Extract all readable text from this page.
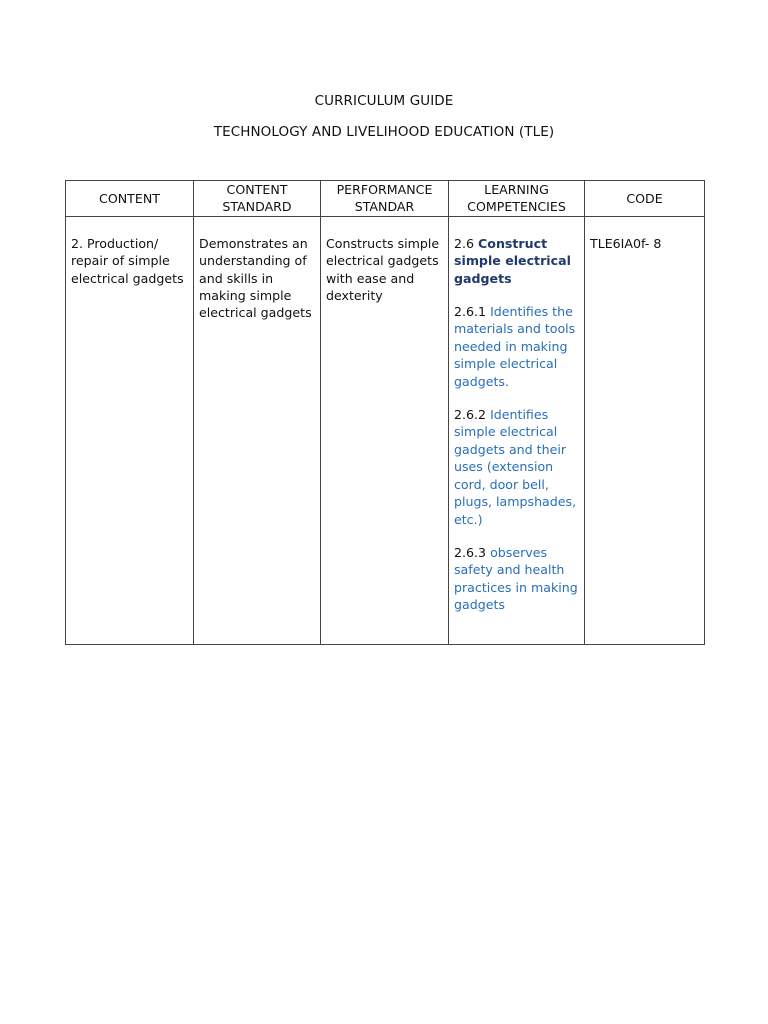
CURRICULUM GUIDE
TECHNOLOGY AND LIVELIHOOD EDUCATION (TLE)
CONTENT	CONTENT STANDARD	PERFORMANCE STANDAR	LEARNING COMPETENCIES	CODE
2. Production/ repair of simple electrical gadgets	Demonstrates an understanding of and skills in making simple electrical gadgets	Constructs simple electrical gadgets with ease and dexterity	2.6 Construct simple electrical gadgets
2.6.1 Identifies the materials and tools needed in making simple electrical gadgets.
2.6.2 Identifies simple electrical gadgets and their uses (extension cord, door bell, plugs, lampshades, etc.)
2.6.3 observes safety and health practices in making gadgets	TLE6IA0f- 8
